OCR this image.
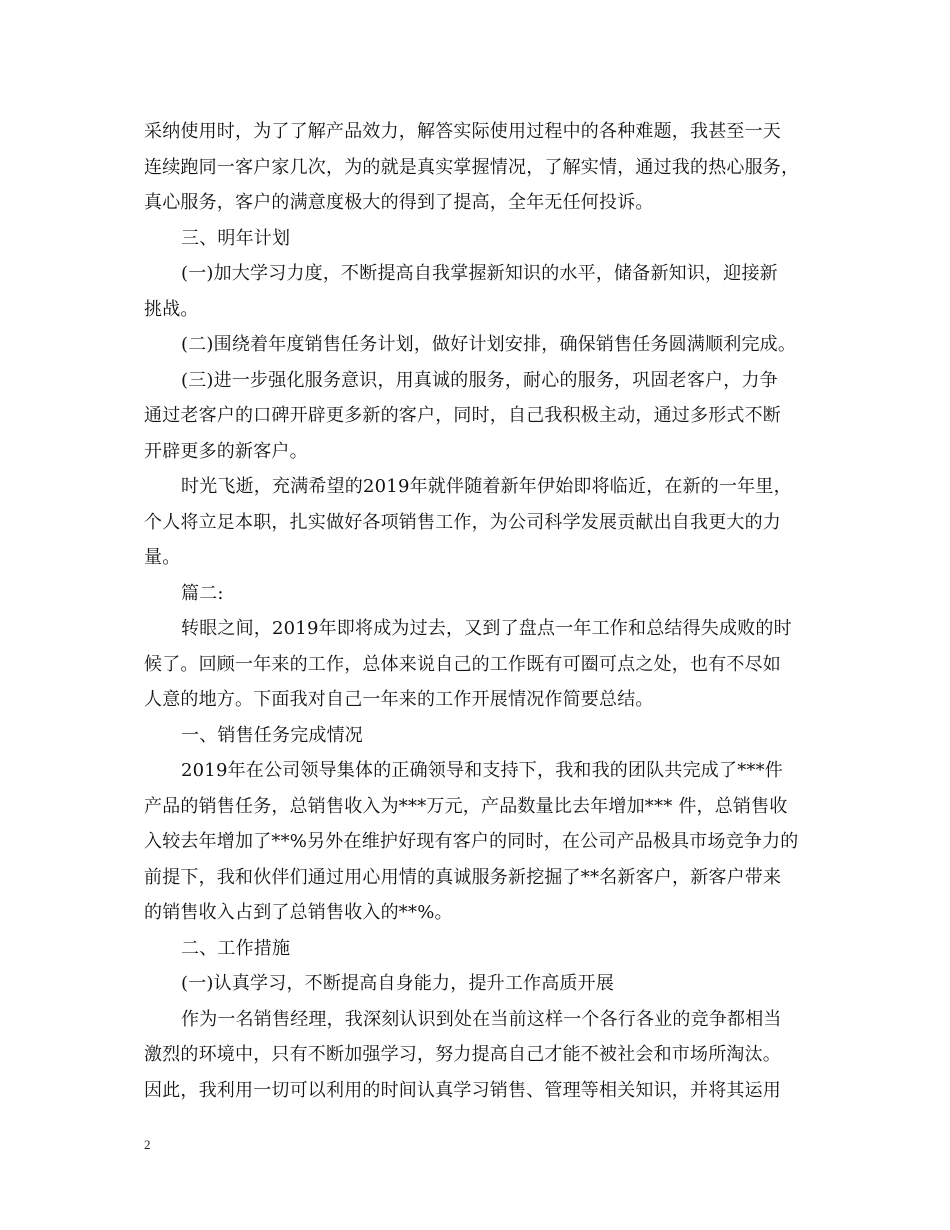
采纳使用时，为了了解产品效力，解答实际使用过程中的各种难题，我甚至一天
连续跑同一客户家几次，为的就是真实掌握情况，了解实情，通过我的热心服务，
真心服务，客户的满意度极大的得到了提高，全年无任何投诉。
三、明年计划
(一)加大学习力度，不断提高自我掌握新知识的水平，储备新知识，迎接新
挑战。
(二)围绕着年度销售任务计划，做好计划安排，确保销售任务圆满顺利完成。
(三)进一步强化服务意识，用真诚的服务，耐心的服务，巩固老客户，力争
通过老客户的口碑开辟更多新的客户，同时，自己我积极主动，通过多形式不断
开辟更多的新客户。
时光飞逝，充满希望的2019年就伴随着新年伊始即将临近，在新的一年里，
个人将立足本职，扎实做好各项销售工作，为公司科学发展贡献出自我更大的力
量。
篇二:
转眼之间，2019年即将成为过去，又到了盘点一年工作和总结得失成败的时
候了。回顾一年来的工作，总体来说自己的工作既有可圈可点之处，也有不尽如
人意的地方。下面我对自己一年来的工作开展情况作简要总结。
一、销售任务完成情况
2019年在公司领导集体的正确领导和支持下，我和我的团队共完成了***件
产品的销售任务，总销售收入为***万元，产品数量比去年增加*** 件，总销售收
入较去年增加了**%另外在维护好现有客户的同时，在公司产品极具市场竞争力的
前提下，我和伙伴们通过用心用情的真诚服务新挖掘了**名新客户，新客户带来
的销售收入占到了总销售收入的**%。
二、工作措施
(一)认真学习，不断提高自身能力，提升工作高质开展
作为一名销售经理，我深刻认识到处在当前这样一个各行各业的竞争都相当
激烈的环境中，只有不断加强学习，努力提高自己才能不被社会和市场所淘汰。
因此，我利用一切可以利用的时间认真学习销售、管理等相关知识，并将其运用
2
